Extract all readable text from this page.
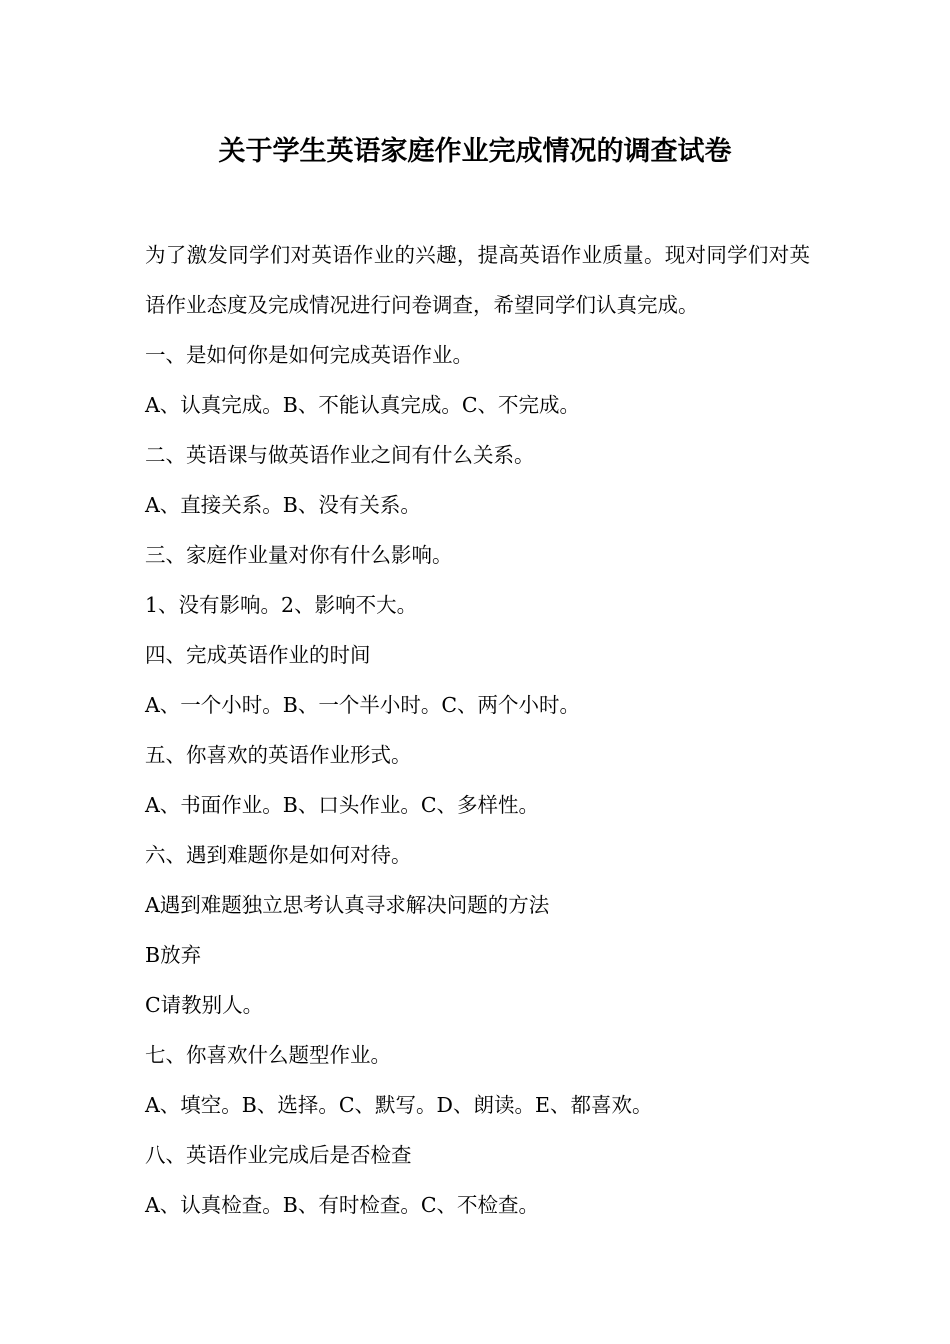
关于学生英语家庭作业完成情况的调查试卷

为了激发同学们对英语作业的兴趣，提高英语作业质量。现对同学们对英语作业态度及完成情况进行问卷调查，希望同学们认真完成。

一、是如何你是如何完成英语作业。

A、认真完成。B、不能认真完成。C、不完成。

二、英语课与做英语作业之间有什么关系。

A、直接关系。B、没有关系。

三、家庭作业量对你有什么影响。

1、没有影响。2、影响不大。

四、完成英语作业的时间

A、一个小时。B、一个半小时。C、两个小时。

五、你喜欢的英语作业形式。

A、书面作业。B、口头作业。C、多样性。

六、遇到难题你是如何对待。

A遇到难题独立思考认真寻求解决问题的方法

B放弃

C请教别人。

七、你喜欢什么题型作业。

A、填空。B、选择。C、默写。D、朗读。E、都喜欢。

八、英语作业完成后是否检查

A、认真检查。B、有时检查。C、不检查。
